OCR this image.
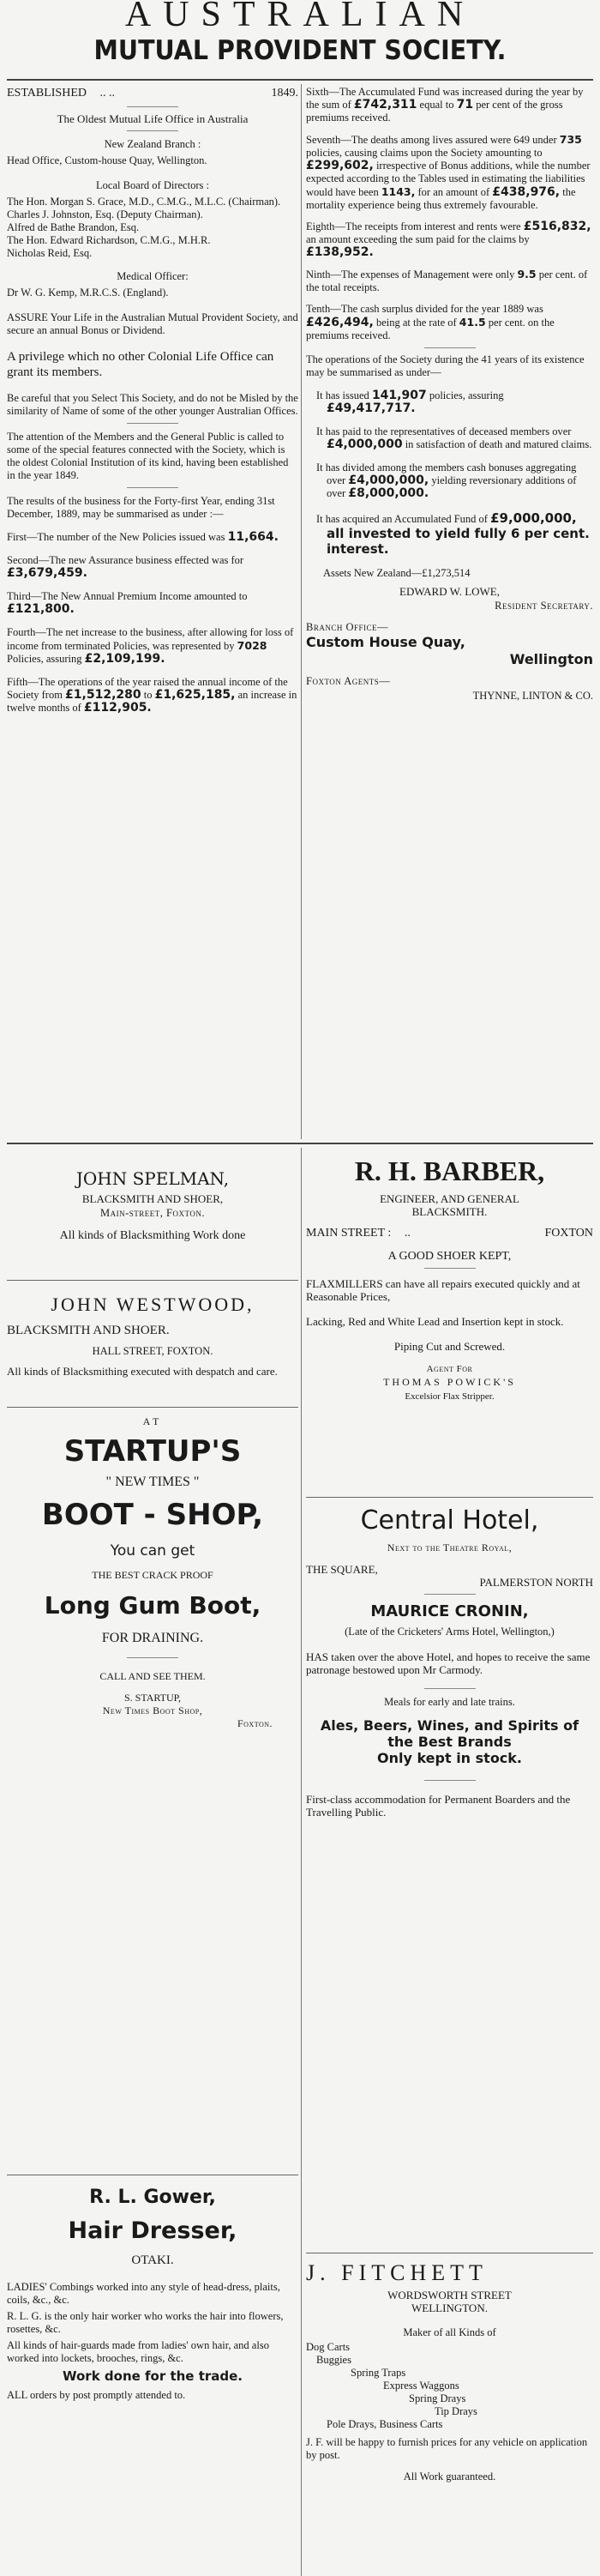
AUSTRALIAN
MUTUAL PROVIDENT SOCIETY.

ESTABLISHED .. ..	1849.

The Oldest Mutual Life Office in Australia

New Zealand Branch :

Head Office, Custom-house Quay, Wellington.

Local Board of Directors :

The Hon. Morgan S. Grace, M.D., C.M.G., M.L.C. (Chairman).

Charles J. Johnston, Esq. (Deputy Chairman).

Alfred de Bathe Brandon, Esq.

The Hon. Edward Richardson, C.M.G., M.H.R.

Nicholas Reid, Esq.

Medical Officer:

Dr W. G. Kemp, M.R.C.S. (England).

ASSURE Your Life in the Australian Mutual Provident Society, and secure an annual Bonus or Dividend.

A privilege which no other Colonial Life Office can grant its members.

Be careful that you Select This Society, and do not be Misled by the similarity of Name of some of the other younger Australian Offices.

The attention of the Members and the General Public is called to some of the special features connected with the Society, which is the oldest Colonial Institution of its kind, having been established in the year 1849.

The results of the business for the Forty-first Year, ending 31st December, 1889, may be summarised as under :—

First—The number of the New Policies issued was 11,664.

Second—The new Assurance business effected was for £3,679,459.

Third—The New Annual Premium Income amounted to £121,800.

Fourth—The net increase to the business, after allowing for loss of income from terminated Policies, was represented by 7028 Policies, assuring £2,109,199.

Fifth—The operations of the year raised the annual income of the Society from £1,512,280 to £1,625,185, an increase in twelve months of £112,905.

Sixth—The Accumulated Fund was increased during the year by the sum of £742,311 equal to 71 per cent of the gross premiums received.

Seventh—The deaths among lives assured were 649 under 735 policies, causing claims upon the Society amounting to £299,602, irrespective of Bonus additions, while the number expected according to the Tables used in estimating the liabilities would have been 1143, for an amount of £438,976, the mortality experience being thus extremely favourable.

Eighth—The receipts from interest and rents were £516,832, an amount exceeding the sum paid for the claims by £138,952.

Ninth—The expenses of Management were only 9.5 per cent. of the total receipts.

Tenth—The cash surplus divided for the year 1889 was £426,494, being at the rate of 41.5 per cent. on the premiums received.

The operations of the Society during the 41 years of its existence may be summarised as under—

It has issued 141,907 policies, assuring £49,417,717.

It has paid to the representatives of deceased members over £4,000,000 in satisfaction of death and matured claims.

It has divided among the members cash bonuses aggregating over £4,000,000, yielding reversionary additions of over £8,000,000.

It has acquired an Accumulated Fund of £9,000,000, all invested to yield fully 6 per cent. interest.

Assets New Zealand—£1,273,514

EDWARD W. LOWE,

Resident Secretary.

Branch Office—

Custom House Quay,

Wellington

Foxton Agents—

THYNNE, LINTON & CO.

JOHN SPELMAN,

BLACKSMITH AND SHOER,

Main-street, Foxton.

All kinds of Blacksmithing Work done

JOHN WESTWOOD,

BLACKSMITH AND SHOER.

HALL STREET, FOXTON.

All kinds of Blacksmithing executed with despatch and care.

AT

STARTUP'S

" NEW TIMES "

BOOT - SHOP,

You can get

THE BEST CRACK PROOF

Long Gum Boot,

FOR DRAINING.

CALL AND SEE THEM.

S. STARTUP,

New Times Boot Shop,

Foxton.

R. L. Gower,

Hair Dresser,

OTAKI.

LADIES' Combings worked into any style of head-dress, plaits, coils, &c., &c.

R. L. G. is the only hair worker who works the hair into flowers, rosettes, &c.

All kinds of hair-guards made from ladies' own hair, and also worked into lockets, brooches, rings, &c.

Work done for the trade.

ALL orders by post promptly attended to.

R. H. BARBER,

ENGINEER, AND GENERAL

BLACKSMITH.

MAIN STREET : ..	FOXTON

A GOOD SHOER KEPT,

FLAXMILLERS can have all repairs executed quickly and at Reasonable Prices,

Lacking, Red and White Lead and Insertion kept in stock.

Piping Cut and Screwed.

Agent For

THOMAS POWICK'S

Excelsior Flax Stripper.

Central Hotel,

Next to the Theatre Royal,

THE SQUARE,

PALMERSTON NORTH

MAURICE CRONIN,

(Late of the Cricketers' Arms Hotel, Wellington,)

HAS taken over the above Hotel, and hopes to receive the same patronage bestowed upon Mr Carmody.

Meals for early and late trains.

Ales, Beers, Wines, and Spirits of the Best Brands

Only kept in stock.

First-class accommodation for Permanent Boarders and the Travelling Public.

J. FITCHETT

WORDSWORTH STREET

WELLINGTON.

Maker of all Kinds of

Dog Carts

Buggies

Spring Traps

Express Waggons

Spring Drays

Tip Drays

Pole Drays, Business Carts

J. F. will be happy to furnish prices for any vehicle on application by post.

All Work guaranteed.
